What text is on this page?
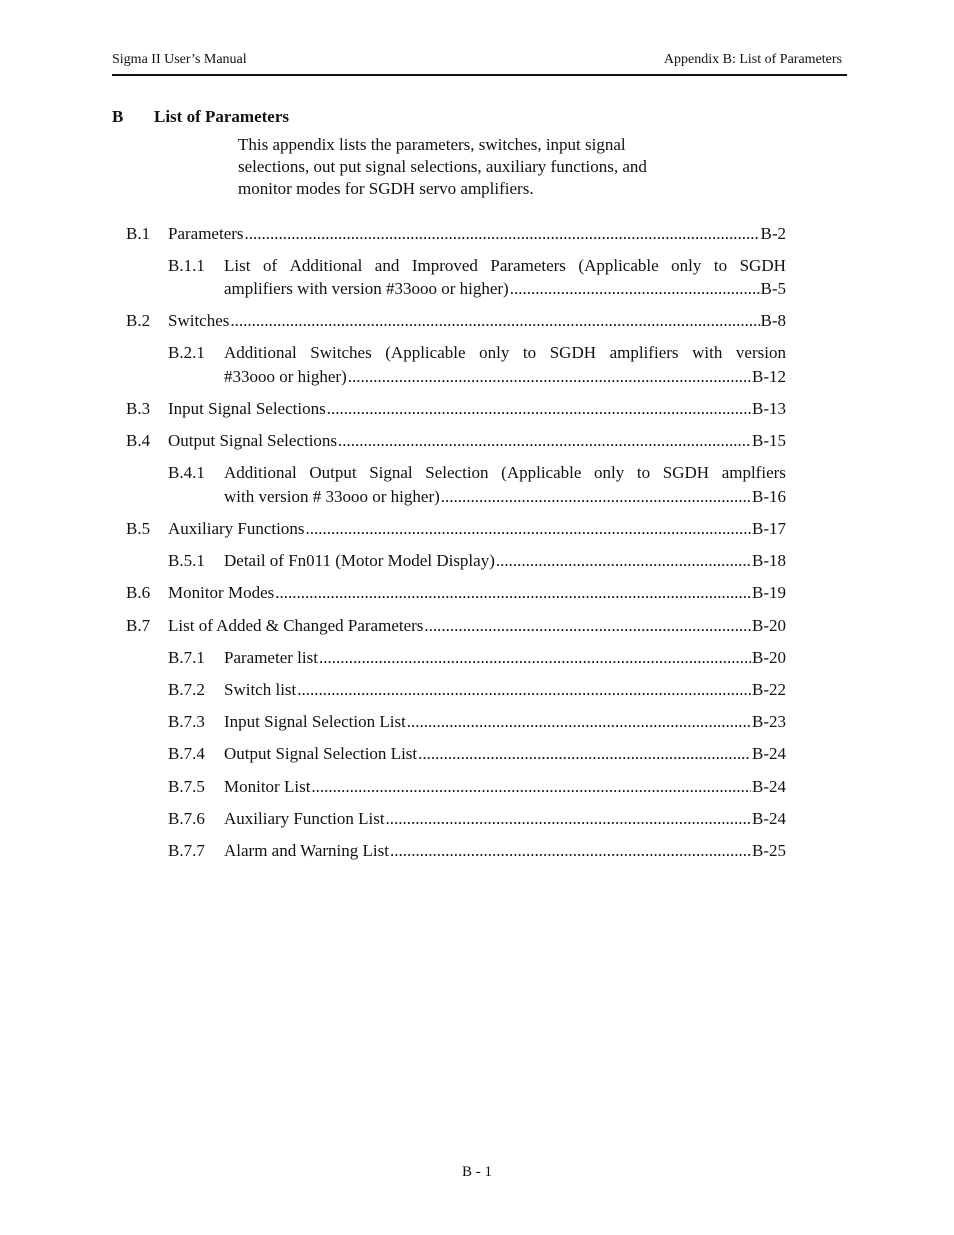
Sigma II User’s Manual	Appendix B: List of Parameters
B List of Parameters
This appendix lists the parameters, switches, input signal
selections, out put signal selections, auxiliary functions, and
monitor modes for SGDH servo amplifiers.
B.1 Parameters .....	B-2
B.1.1 List of Additional and Improved Parameters (Applicable only to SGDH
amplifiers with version #33ooo or higher) .....	B-5
B.2 Switches .....	B-8
B.2.1 Additional Switches (Applicable only to SGDH amplifiers with version
#33ooo or higher) .....	B-12
B.3 Input Signal Selections .....	B-13
B.4 Output Signal Selections .....	B-15
B.4.1 Additional Output Signal Selection (Applicable only to SGDH amplfiers
with version # 33ooo or higher) .....	B-16
B.5 Auxiliary Functions .....	B-17
B.5.1 Detail of Fn011 (Motor Model Display) .....	B-18
B.6 Monitor Modes .....	B-19
B.7 List of Added & Changed Parameters .....	B-20
B.7.1 Parameter list .....	B-20
B.7.2 Switch list .....	B-22
B.7.3 Input Signal Selection List .....	B-23
B.7.4 Output Signal Selection List .....	B-24
B.7.5 Monitor List .....	B-24
B.7.6 Auxiliary Function List .....	B-24
B.7.7 Alarm and Warning List .....	B-25
B - 1
